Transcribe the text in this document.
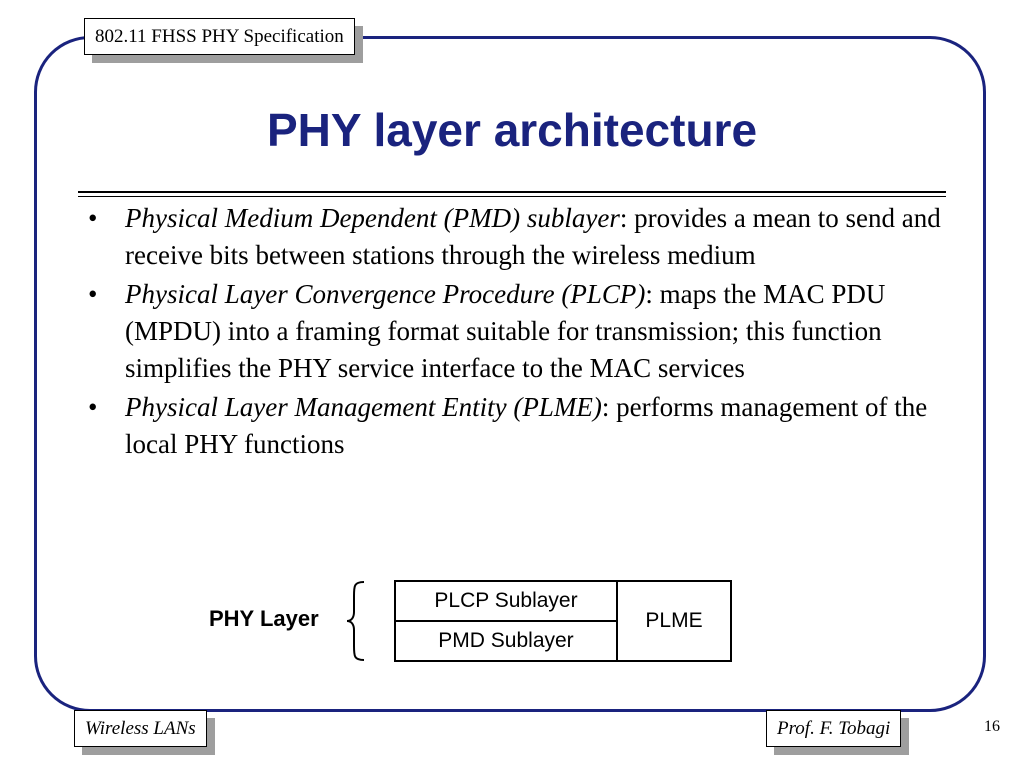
802.11 FHSS PHY Specification
PHY layer architecture
• Physical Medium Dependent (PMD) sublayer: provides a mean to send and receive bits between stations through the wireless medium
• Physical Layer Convergence Procedure (PLCP): maps the MAC PDU (MPDU) into a framing format suitable for transmission; this function simplifies the PHY service interface to the MAC services
• Physical Layer Management Entity (PLME): performs management of the local PHY functions
PHY Layer
PLCP Sublayer
PMD Sublayer
PLME
Wireless LANs	Prof. F. Tobagi	16
